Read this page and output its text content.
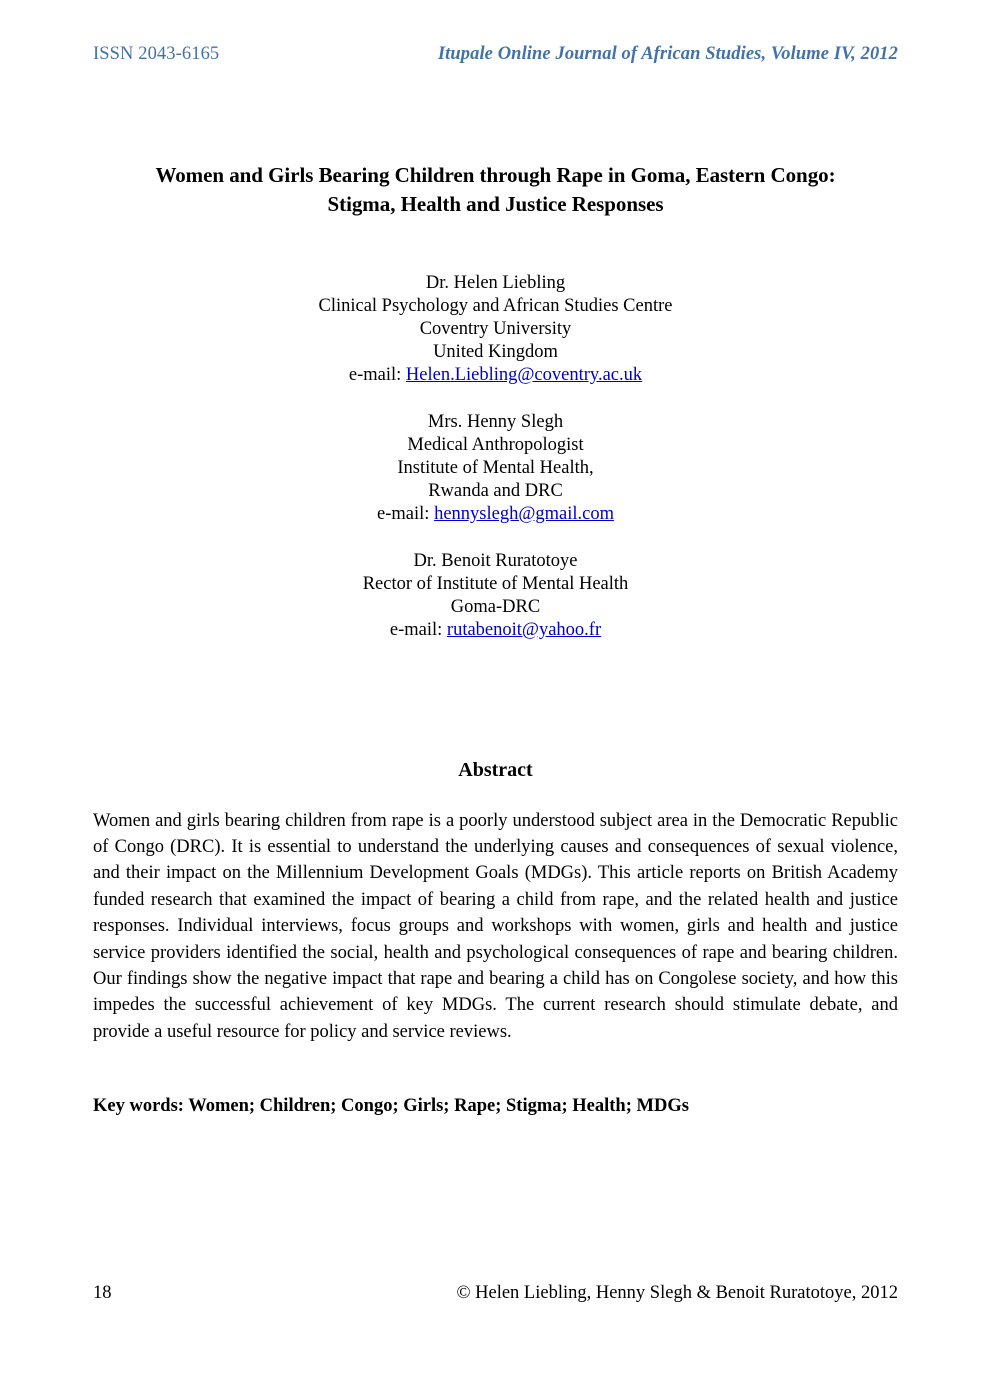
ISSN 2043-6165	Itupale Online Journal of African Studies, Volume IV, 2012
Women and Girls Bearing Children through Rape in Goma, Eastern Congo:
Stigma, Health and Justice Responses
Dr. Helen Liebling
Clinical Psychology and African Studies Centre
Coventry University
United Kingdom
e-mail: Helen.Liebling@coventry.ac.uk
Mrs. Henny Slegh
Medical Anthropologist
Institute of Mental Health,
Rwanda and DRC
e-mail: hennyslegh@gmail.com
Dr. Benoit Ruratotoye
Rector of Institute of Mental Health
Goma-DRC
e-mail: rutabenoit@yahoo.fr
Abstract

Women and girls bearing children from rape is a poorly understood subject area in the Democratic Republic of Congo (DRC). It is essential to understand the underlying causes and consequences of sexual violence, and their impact on the Millennium Development Goals (MDGs). This article reports on British Academy funded research that examined the impact of bearing a child from rape, and the related health and justice responses. Individual interviews, focus groups and workshops with women, girls and health and justice service providers identified the social, health and psychological consequences of rape and bearing children. Our findings show the negative impact that rape and bearing a child has on Congolese society, and how this impedes the successful achievement of key MDGs. The current research should stimulate debate, and provide a useful resource for policy and service reviews.

Key words: Women; Children; Congo; Girls; Rape; Stigma; Health; MDGs

18	© Helen Liebling, Henny Slegh & Benoit Ruratotoye, 2012
